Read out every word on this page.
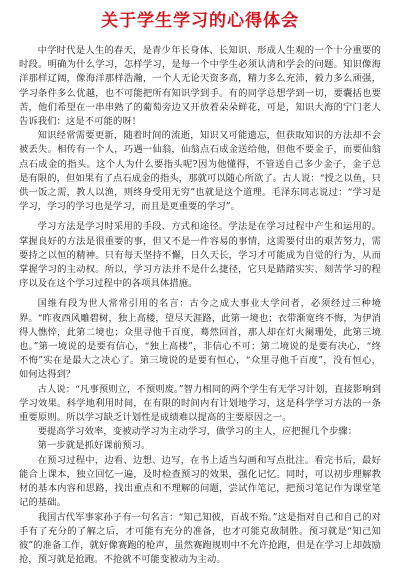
关于学生学习的心得体会

中学时代是人生的春天，是青少年长身体、长知识、形成人生观的一个十分重要的时段。明确为什么学习，怎样学习，是每一个中学生必须认清和学会的问题。知识像海洋那样辽阔，像海洋那样浩瀚，一个人无论天资多高，精力多么充沛，毅力多么顽强，学习条件多么优越，也不可能把所有知识学到手。有的同学总想学到一切，要囊括也要苦，他们希望在一串串熟了的葡萄旁边又开放着朵朵鲜花，可是，知识大海的宁门老人告诉我们：这是不可能的呀！

知识经常需要更新，随着时间的流逝，知识又可能遗忘，但获取知识的方法却不会被丢失。相传有一个人，巧遇一仙翁，仙翁点石成金送给他，但他不要金子，而要仙翁点石成金的指头。这个人为什么要指头呢?因为他懂得，不管送自己多少金子，金子总是有限的，但如果有了点石成金的指头，那就可以随心所欲了。古人说：“授之以鱼，只供一饭之需，教人以渔，则终身受用无穷”也就是这个道理。毛泽东同志说过：“学习是学习，学习的学习也是学习，而且是更重要的学习”。

学习方法是学习时采用的手段、方式和途径。学法是在学习过程中产生和运用的。掌握良好的方法是很重要的事，但又不是一件容易的事情，这需要付出的艰苦努力，需要持之以恒的精神。只有每天坚持不懈，日久天长，学习才可能成为自觉的行为，从而掌握学习的主动权。所以，学习方法并不是什么捷径，它只是踏踏实实、刻苦学习的程序以及在这个学习过程中的各项具体措施。

国维有段为世人常常引用的名言：古今之成大事业大学问者，必须经过三种境界。“昨夜西风雕碧树，独上高楼，望尽天涯路，此第一境也；衣带渐宽终不悔，为伊消得人憔悴，此第二境也；众里寻他千百度，蓦然回首，那人却在灯火阑珊处，此第三境也。”第一境说的是要有信心，“独上高楼”，非信心不可；第二境说的是要有决心，“终不悔”实在是最大之决心了。第三境说的是要有恒心，“众里寻他千百度”，没有恒心，如何达得到？

古人说：“凡事预则立，不预则废。”智力相同的两个学生有无学习计划，直接影响到学习效果。科学地利用时间，在有限的时间内有计划地学习，这是科学学习方法的一条重要原则。所以学习缺乏计划性是成绩难以提高的主要原因之一。

要提高学习效率，变被动学习为主动学习，做学习的主人，应把握几个步骤：

第一步就是抓好课前预习。

在预习过程中，边看、边想、边写，在书上适当勾画和写点批注。看完书后，最好能合上课本，独立回忆一遍，及时检查预习的效果，强化记忆。同时，可以初步理解教材的基本内容和思路，找出重点和不理解的问题，尝试作笔记，把预习笔记作为课堂笔记的基础。

我国古代军事家孙子有一句名言：“知己知彼，百战不殆。”这是指对自己和自己的对手有了充分的了解之后，才可能有充分的准备，也才可能克敌制胜。预习就是“知己知彼”的准备工作，就好像赛跑的枪声，虽然赛跑规则中不允许抢跑，但是在学习上却鼓励抢，预习就是抢跑。不抢就不可能变被动为主动。
